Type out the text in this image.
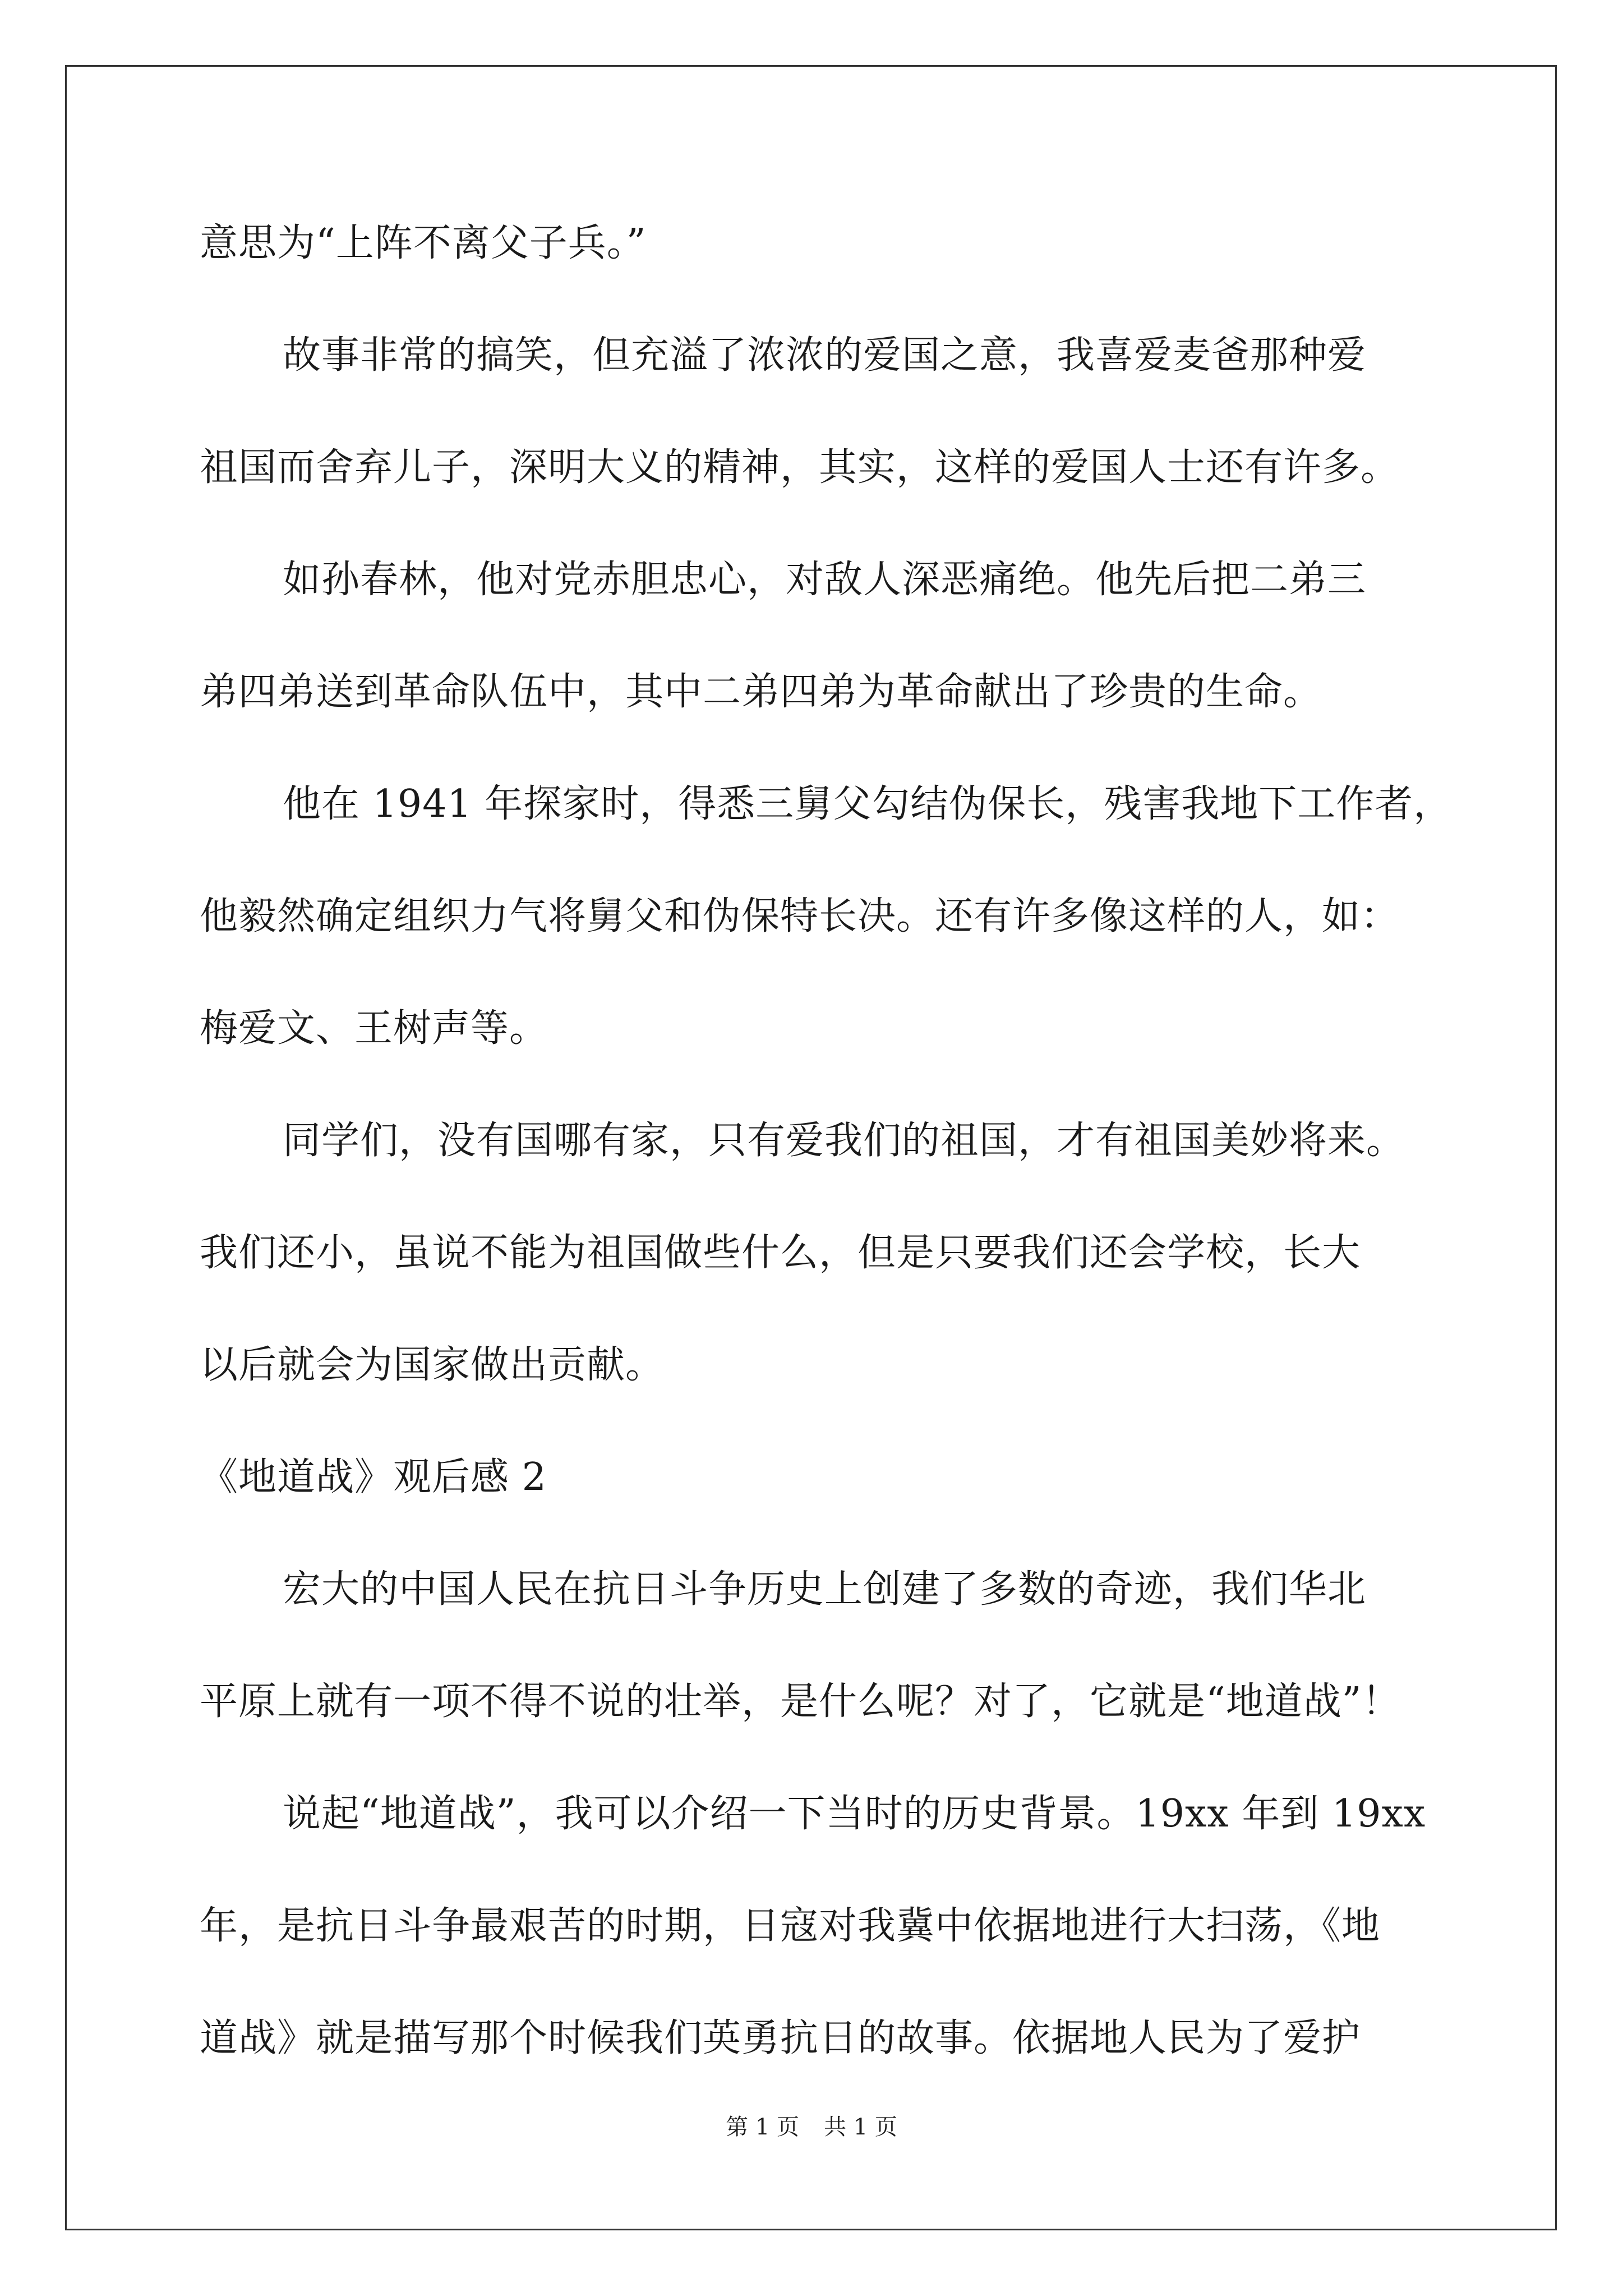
意思为“上阵不离父子兵。”
故事非常的搞笑，但充溢了浓浓的爱国之意，我喜爱麦爸那种爱
祖国而舍弃儿子，深明大义的精神，其实，这样的爱国人士还有许多。
如孙春林，他对党赤胆忠心，对敌人深恶痛绝。他先后把二弟三
弟四弟送到革命队伍中，其中二弟四弟为革命献出了珍贵的生命。
他在 1941 年探家时，得悉三舅父勾结伪保长，残害我地下工作者，
他毅然确定组织力气将舅父和伪保特长决。还有许多像这样的人，如：
梅爱文、王树声等。
同学们，没有国哪有家，只有爱我们的祖国，才有祖国美妙将来。
我们还小，虽说不能为祖国做些什么，但是只要我们还会学校，长大
以后就会为国家做出贡献。
《地道战》观后感 2
宏大的中国人民在抗日斗争历史上创建了多数的奇迹，我们华北
平原上就有一项不得不说的壮举，是什么呢？对了，它就是“地道战”！
说起“地道战”，我可以介绍一下当时的历史背景。19xx 年到 19xx
年，是抗日斗争最艰苦的时期，日寇对我冀中依据地进行大扫荡，《地
道战》就是描写那个时候我们英勇抗日的故事。依据地人民为了爱护
第 1 页 共 1 页
